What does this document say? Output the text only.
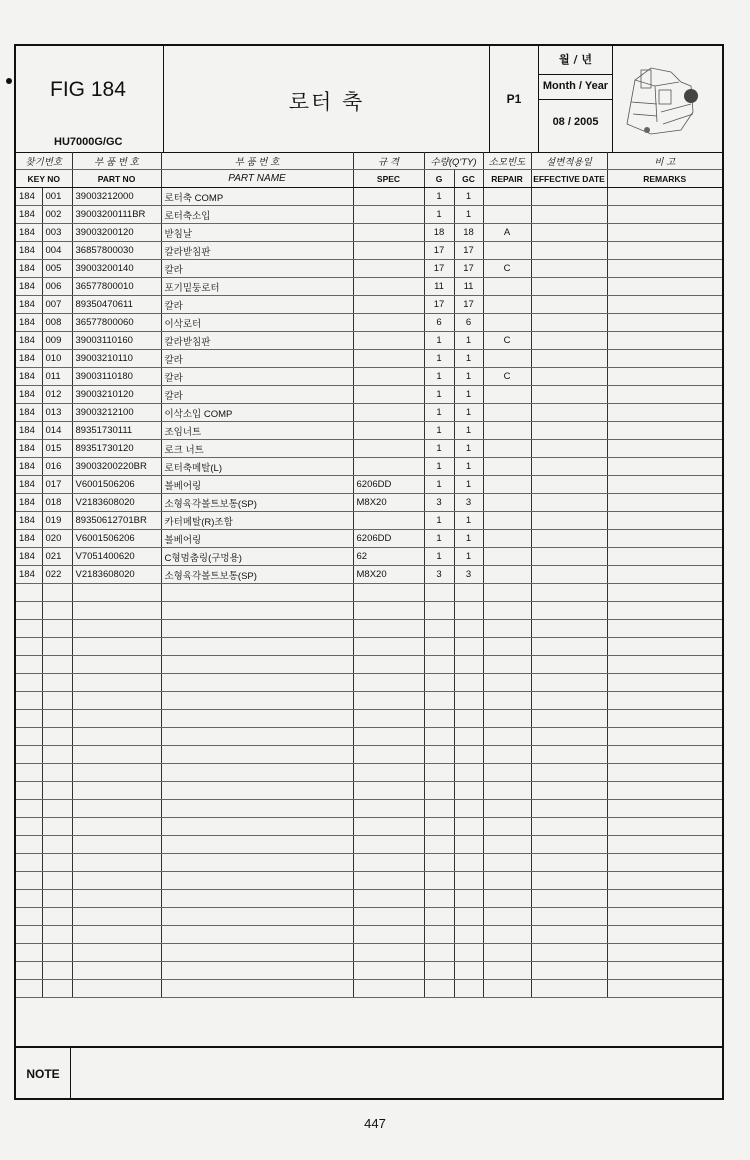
FIG 184
HU7000G/GC
로터 축	P1
월 / 년
Month / Year
08 / 2005
찾기번호		부 품 번 호	부 품 번 호	규 격	수량(Q'TY)		소모빈도	설변적용일	비 고
KEY NO		PART NO	PART NAME	SPEC	G	GC	REPAIR	EFFECTIVE DATE	REMARKS
184	001	39003212000	로터축 COMP		1	1			
184	002	39003200111BR	로터축소입		1	1			
184	003	39003200120	받침날		18	18	A		
184	004	36857800030	칼라받침판		17	17			
184	005	39003200140	칼라		17	17	C		
184	006	36577800010	포기밑둥로터		11	11			
184	007	89350470611	칼라		17	17			
184	008	36577800060	이삭로터		6	6			
184	009	39003110160	칼라받침판		1	1	C		
184	010	39003210110	칼라		1	1			
184	011	39003110180	칼라		1	1	C		
184	012	39003210120	칼라		1	1			
184	013	39003212100	이삭소입 COMP		1	1			
184	014	89351730111	조임너트		1	1			
184	015	89351730120	로크 너트		1	1			
184	016	39003200220BR	로터축메탈(L)		1	1			
184	017	V6001506206	볼베어링	6206DD	1	1			
184	018	V2183608020	소형육각볼트보통(SP)	M8X20	3	3			
184	019	89350612701BR	카터메탈(R)조합		1	1			
184	020	V6001506206	볼베어링	6206DD	1	1			
184	021	V7051400620	C형멈춤링(구멍용)	62	1	1			
184	022	V2183608020	소형육각볼트보통(SP)	M8X20	3	3			

NOTE
447
